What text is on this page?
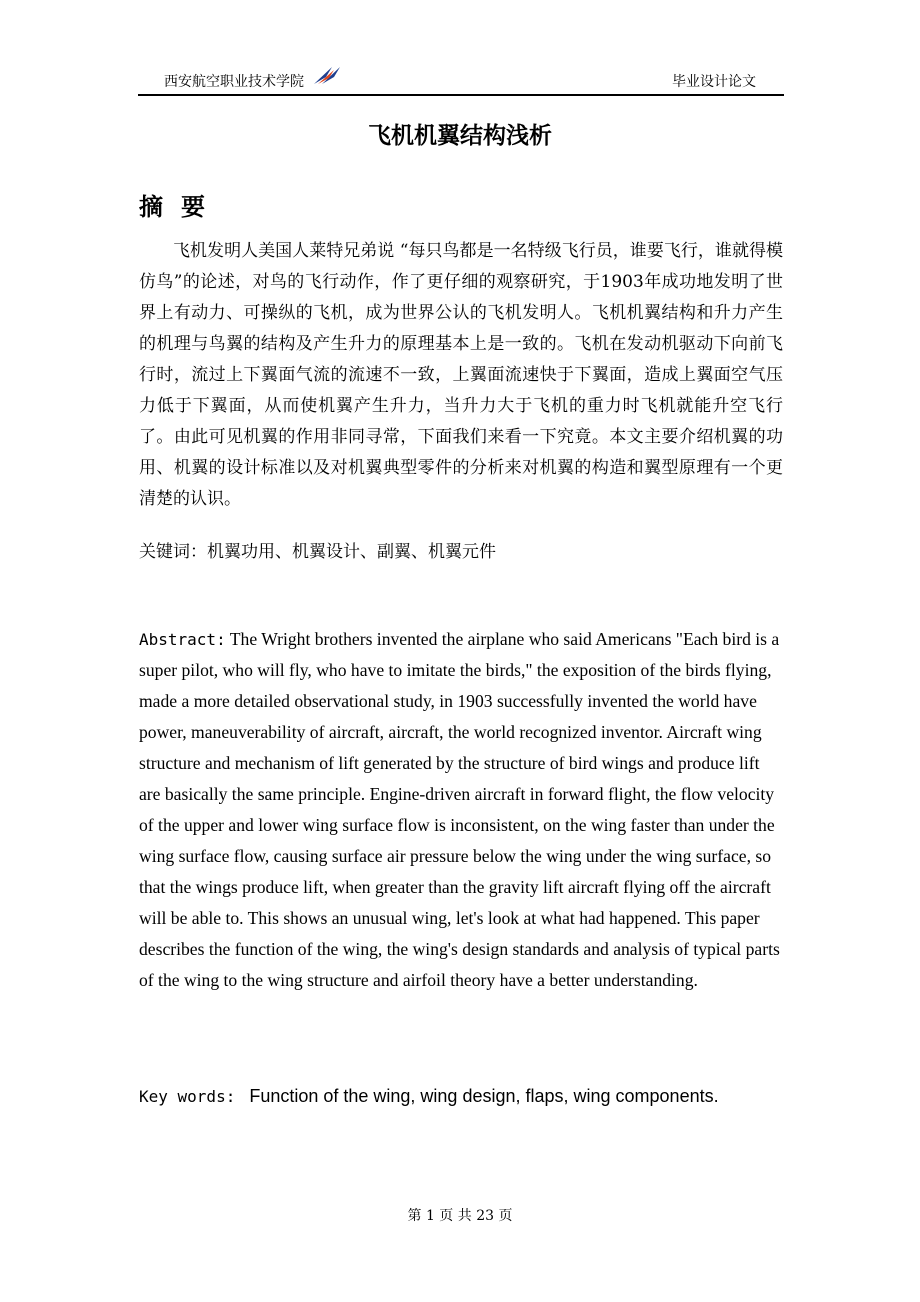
西安航空职业技术学院	毕业设计论文
飞机机翼结构浅析
摘要
飞机发明人美国人莱特兄弟说 “每只鸟都是一名特级飞行员，谁要飞行，谁就得模仿鸟”的论述，对鸟的飞行动作，作了更仔细的观察研究，于1903年成功地发明了世界上有动力、可操纵的飞机，成为世界公认的飞机发明人。飞机机翼结构和升力产生的机理与鸟翼的结构及产生升力的原理基本上是一致的。飞机在发动机驱动下向前飞行时，流过上下翼面气流的流速不一致，上翼面流速快于下翼面，造成上翼面空气压力低于下翼面，从而使机翼产生升力，当升力大于飞机的重力时飞机就能升空飞行了。由此可见机翼的作用非同寻常，下面我们来看一下究竟。本文主要介绍机翼的功用、机翼的设计标准以及对机翼典型零件的分析来对机翼的构造和翼型原理有一个更清楚的认识。
关键词：机翼功用、机翼设计、副翼、机翼元件
Abstract: The Wright brothers invented the airplane who said Americans "Each bird is a super pilot, who will fly, who have to imitate the birds," the exposition of the birds flying, made a more detailed observational study, in 1903 successfully invented the world have power, maneuverability of aircraft, aircraft, the world recognized inventor. Aircraft wing structure and mechanism of lift generated by the structure of bird wings and produce lift are basically the same principle. Engine-driven aircraft in forward flight, the flow velocity of the upper and lower wing surface flow is inconsistent, on the wing faster than under the wing surface flow, causing surface air pressure below the wing under the wing surface, so that the wings produce lift, when greater than the gravity lift aircraft flying off the aircraft will be able to. This shows an unusual wing, let's look at what had happened. This paper describes the function of the wing, the wing's design standards and analysis of typical parts of the wing to the wing structure and airfoil theory have a better understanding.
Key words: Function of the wing, wing design, flaps, wing components.
第 1 页 共 23 页
